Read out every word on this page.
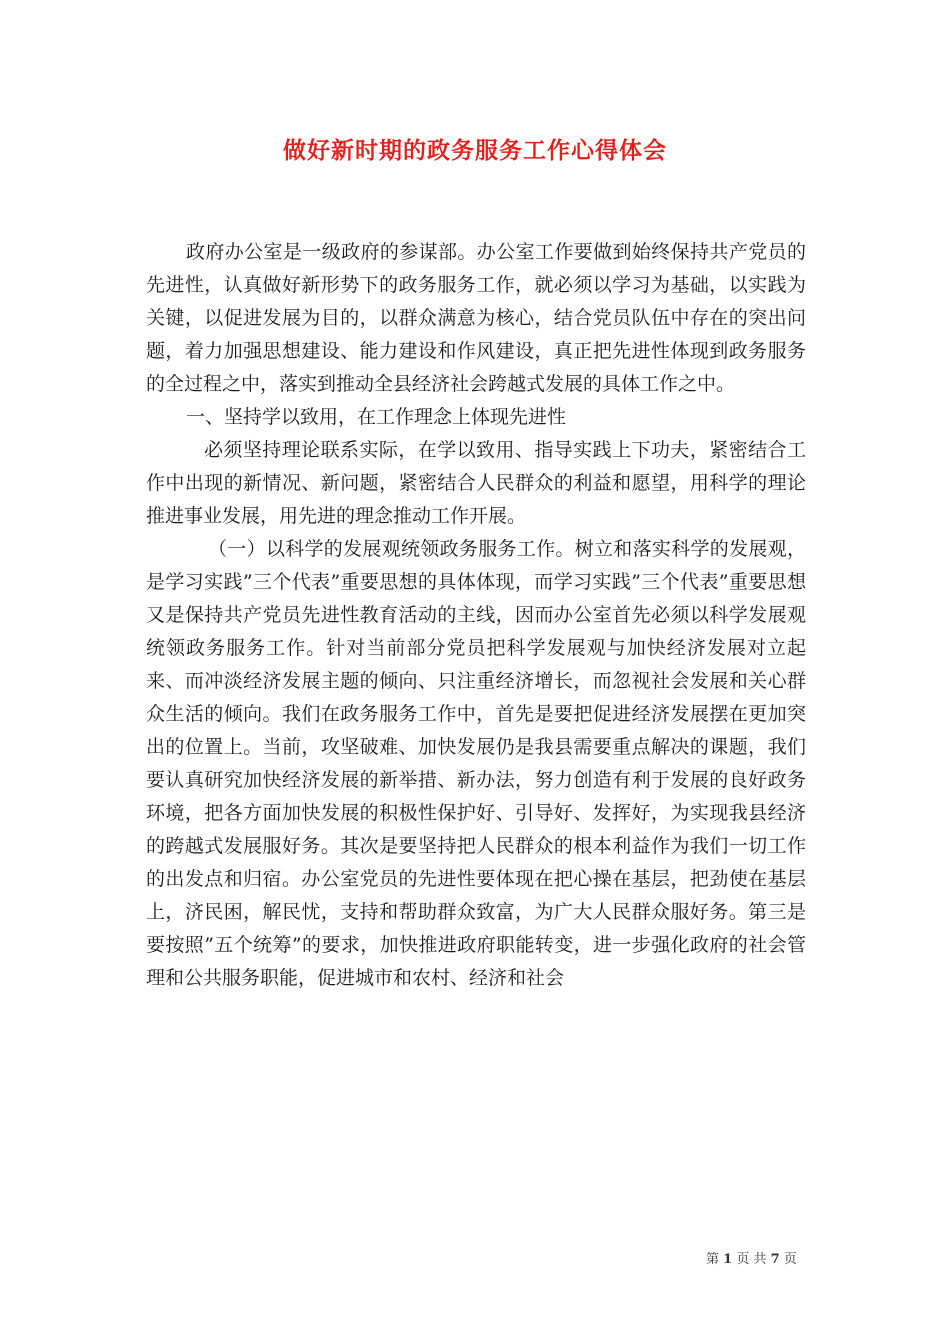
做好新时期的政务服务工作心得体会

政府办公室是一级政府的参谋部。办公室工作要做到始终保持共产党员的先进性，认真做好新形势下的政务服务工作，就必须以学习为基础，以实践为关键，以促进发展为目的，以群众满意为核心，结合党员队伍中存在的突出问题，着力加强思想建设、能力建设和作风建设，真正把先进性体现到政务服务的全过程之中，落实到推动全县经济社会跨越式发展的具体工作之中。

一、坚持学以致用，在工作理念上体现先进性

必须坚持理论联系实际，在学以致用、指导实践上下功夫，紧密结合工作中出现的新情况、新问题，紧密结合人民群众的利益和愿望，用科学的理论推进事业发展，用先进的理念推动工作开展。

（一）以科学的发展观统领政务服务工作。树立和落实科学的发展观，是学习实践”三个代表”重要思想的具体体现，而学习实践”三个代表”重要思想又是保持共产党员先进性教育活动的主线，因而办公室首先必须以科学发展观统领政务服务工作。针对当前部分党员把科学发展观与加快经济发展对立起来、而冲淡经济发展主题的倾向、只注重经济增长，而忽视社会发展和关心群众生活的倾向。我们在政务服务工作中，首先是要把促进经济发展摆在更加突出的位置上。当前，攻坚破难、加快发展仍是我县需要重点解决的课题，我们要认真研究加快经济发展的新举措、新办法，努力创造有利于发展的良好政务环境，把各方面加快发展的积极性保护好、引导好、发挥好，为实现我县经济的跨越式发展服好务。其次是要坚持把人民群众的根本利益作为我们一切工作的出发点和归宿。办公室党员的先进性要体现在把心操在基层，把劲使在基层上，济民困，解民忧，支持和帮助群众致富，为广大人民群众服好务。第三是要按照”五个统筹”的要求，加快推进政府职能转变，进一步强化政府的社会管理和公共服务职能，促进城市和农村、经济和社会

第 1 页 共 7 页
